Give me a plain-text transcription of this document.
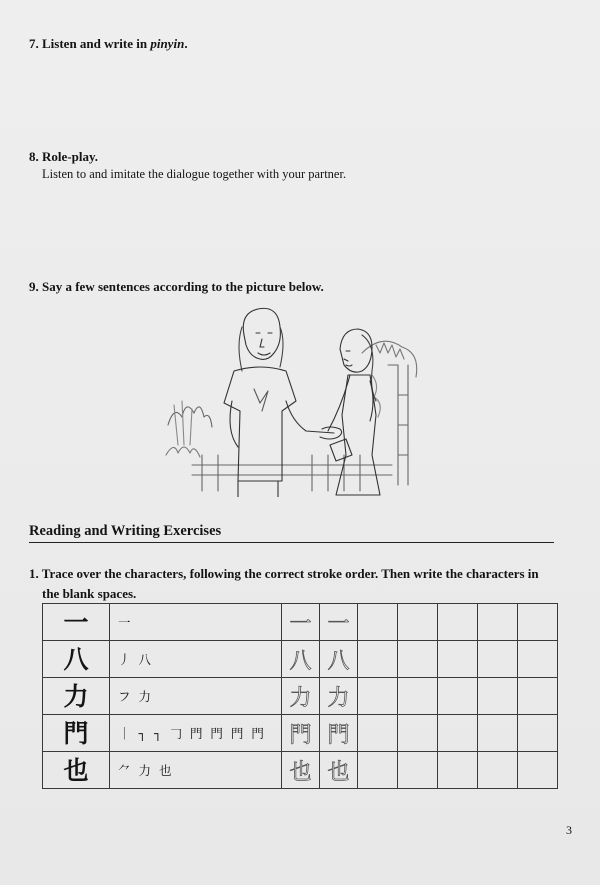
7. Listen and write in pinyin.
8. Role-play.
Listen to and imitate the dialogue together with your partner.
9. Say a few sentences according to the picture below.
Reading and Writing Exercises
1. Trace over the characters, following the correct stroke order. Then write the characters in
the blank spaces.
一	一	一	一					
八	丿 八	八	八					
力	フ 力	力	力					
門	｜ ┐ ┐ 𠃌 門 門 門 門	門	門					
也	⺈ 力 也	也	也					
3
